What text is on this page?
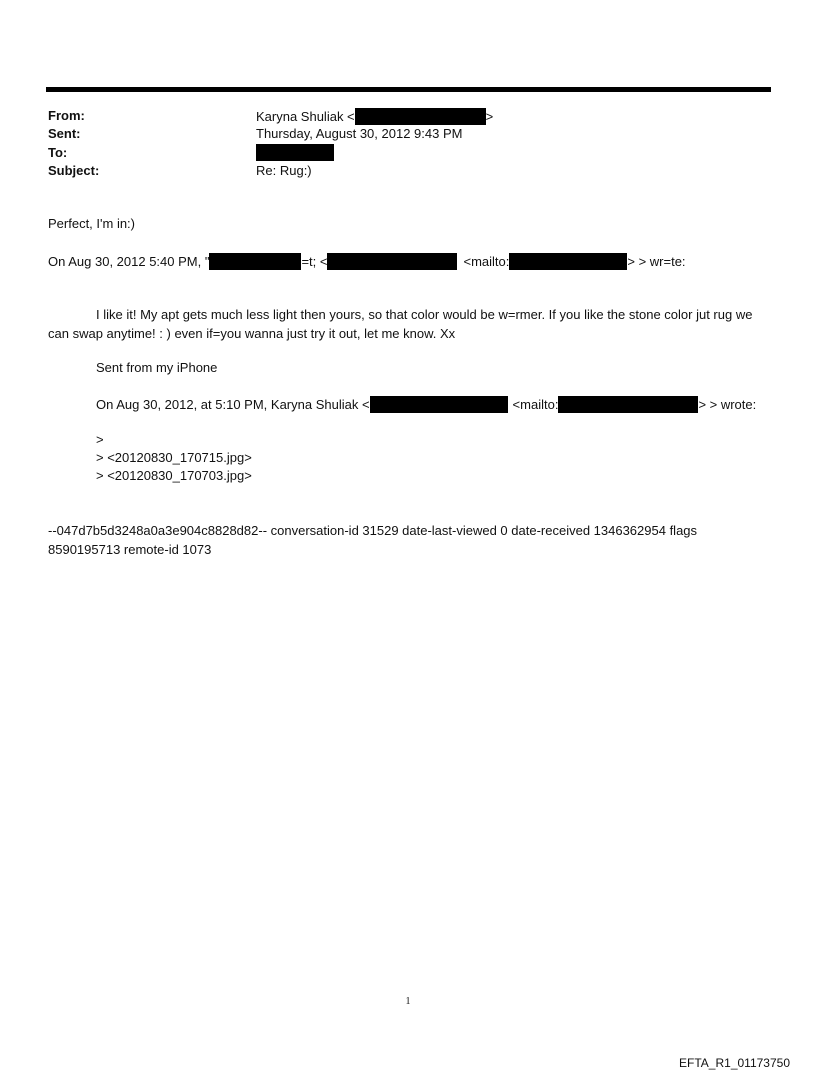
From:	Karyna Shuliak <	>
Sent:	Thursday, August 30, 2012 9:43 PM
To:
Subject:	Re: Rug:)
Perfect, I'm in:)
On Aug 30, 2012 5:40 PM, "	=t; <	<mailto:	> > wr=te:
I like it! My apt gets much less light then yours, so that color would be w=rmer. If you like the stone color jut rug we can swap anytime! : ) even if=you wanna just try it out, let me know. Xx
Sent from my iPhone
On Aug 30, 2012, at 5:10 PM, Karyna Shuliak <	<mailto:	> > wrote:
>
> <20120830_170715.jpg>
> <20120830_170703.jpg>
--047d7b5d3248a0a3e904c8828d82-- conversation-id 31529 date-last-viewed 0 date-received 1346362954 flags 8590195713 remote-id 1073
1
EFTA_R1_01173750
